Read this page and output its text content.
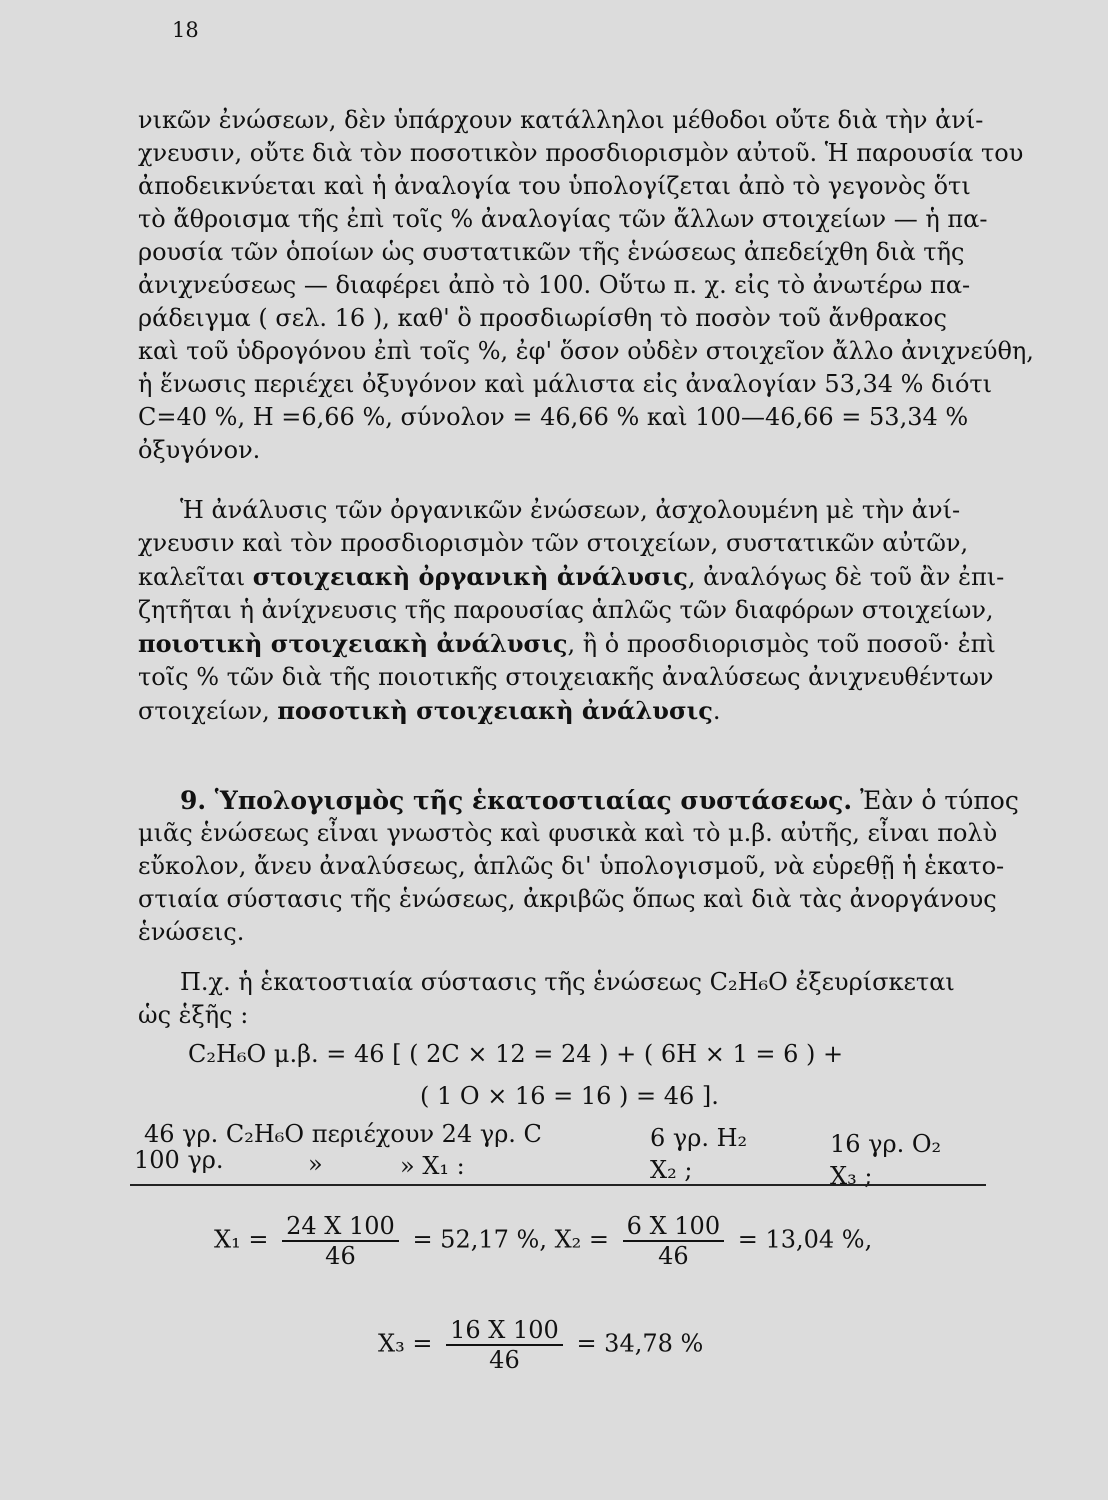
18
νικῶν ἐνώσεων, δὲν ὑπάρχουν κατάλληλοι μέθοδοι οὔτε διὰ τὴν ἀνί-
χνευσιν, οὔτε διὰ τὸν ποσοτικὸν προσδιορισμὸν αὐτοῦ. Ἡ παρουσία του
ἀποδεικνύεται καὶ ἡ ἀναλογία του ὑπολογίζεται ἀπὸ τὸ γεγονὸς ὅτι
τὸ ἄθροισμα τῆς ἐπὶ τοῖς % ἀναλογίας τῶν ἄλλων στοιχείων — ἡ πα-
ρουσία τῶν ὁποίων ὡς συστατικῶν τῆς ἑνώσεως ἀπεδείχθη διὰ τῆς
ἀνιχνεύσεως — διαφέρει ἀπὸ τὸ 100. Οὕτω π. χ. εἰς τὸ ἀνωτέρω πα-
ράδειγμα ( σελ. 16 ), καθ' ὃ προσδιωρίσθη τὸ ποσὸν τοῦ ἄνθρακος
καὶ τοῦ ὑδρογόνου ἐπὶ τοῖς %, ἐφ' ὅσον οὐδὲν στοιχεῖον ἄλλο ἀνιχνεύθη,
ἡ ἕνωσις περιέχει ὀξυγόνον καὶ μάλιστα εἰς ἀναλογίαν 53,34 % διότι
C=40 %, H =6,66 %, σύνολον = 46,66 % καὶ 100—46,66 = 53,34 %
ὀξυγόνον.
Ἡ ἀνάλυσις τῶν ὀργανικῶν ἐνώσεων, ἀσχολουμένη μὲ τὴν ἀνί-
χνευσιν καὶ τὸν προσδιορισμὸν τῶν στοιχείων, συστατικῶν αὐτῶν,
καλεῖται στοιχειακὴ ὀργανικὴ ἀνάλυσις, ἀναλόγως δὲ τοῦ ἂν ἐπι-
ζητῆται ἡ ἀνίχνευσις τῆς παρουσίας ἁπλῶς τῶν διαφόρων στοιχείων,
ποιοτικὴ στοιχειακὴ ἀνάλυσις, ἢ ὁ προσδιορισμὸς τοῦ ποσοῦ· ἐπὶ
τοῖς % τῶν διὰ τῆς ποιοτικῆς στοιχειακῆς ἀναλύσεως ἀνιχνευθέντων
στοιχείων, ποσοτικὴ στοιχειακὴ ἀνάλυσις.
9. Ὑπολογισμὸς τῆς ἑκατοστιαίας συστάσεως. Ἐὰν ὁ τύπος
μιᾶς ἑνώσεως εἶναι γνωστὸς καὶ φυσικὰ καὶ τὸ μ.β. αὐτῆς, εἶναι πολὺ
εὔκολον, ἄνευ ἀναλύσεως, ἁπλῶς δι' ὑπολογισμοῦ, νὰ εὑρεθῇ ἡ ἑκατο-
στιαία σύστασις τῆς ἑνώσεως, ἀκριβῶς ὅπως καὶ διὰ τὰς ἀνοργάνους
ἑνώσεις.
Π.χ. ἡ ἑκατοστιαία σύστασις τῆς ἑνώσεως C₂H₆O ἐξευρίσκεται
ὡς ἑξῆς :
C₂H₆O μ.β. = 46 [ ( 2C × 12 = 24 ) + ( 6H × 1 = 6 ) +
( 1 O × 16 = 16 ) = 46 ].
46 γρ. C₂H₆O περιέχουν 24 γρ. C	6 γρ. H₂	16 γρ. O₂
100 γρ.	»	» X₁ :	X₂ ;	X₃ ;
$X_1 = \frac{24 X 100}{46} = 52,17$ %, $X_2 = \frac{6 X 100}{46} = 13,04$ %,
$X_3 = \frac{16 X 100}{46} = 34,78$ %
